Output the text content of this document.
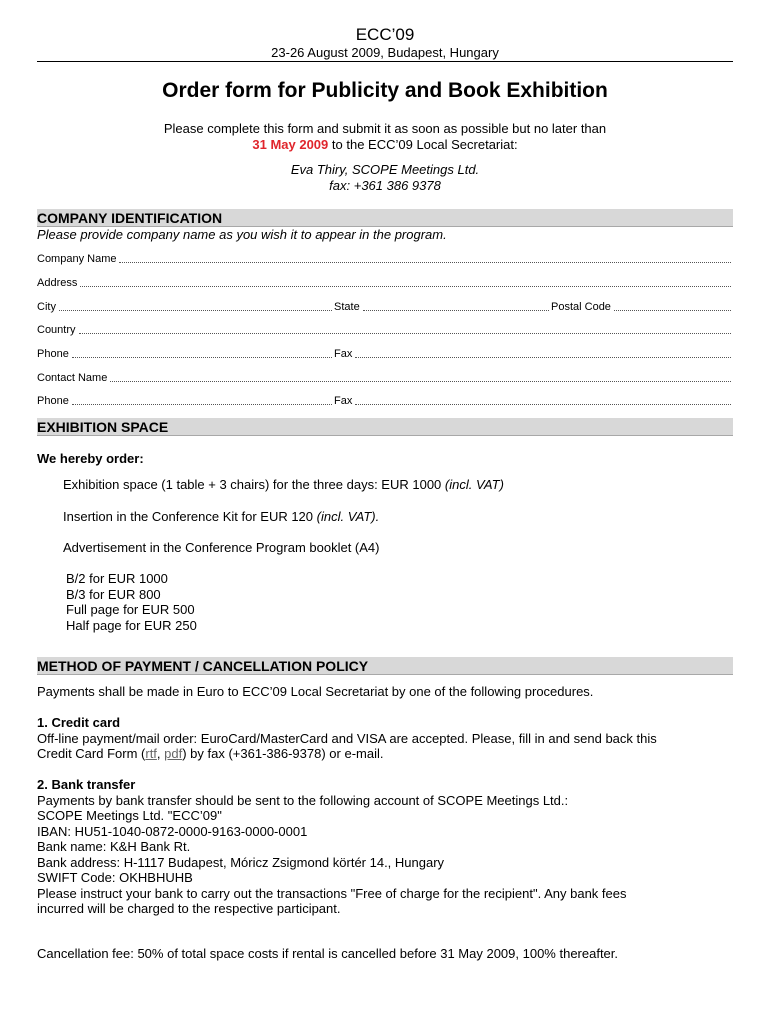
ECC’09
23-26 August 2009, Budapest, Hungary
Order form for Publicity and Book Exhibition
Please complete this form and submit it as soon as possible but no later than
31 May 2009 to the ECC’09 Local Secretariat:
Eva Thiry, SCOPE Meetings Ltd.
fax: +361 386 9378
COMPANY IDENTIFICATION
Please provide company name as you wish it to appear in the program.
Company Name
Address
City	State	Postal Code
Country
Phone	Fax
Contact Name
Phone	Fax
EXHIBITION SPACE
We hereby order:
Exhibition space (1 table + 3 chairs) for the three days: EUR 1000 (incl. VAT)
Insertion in the Conference Kit for EUR 120 (incl. VAT).
Advertisement in the Conference Program booklet (A4)
B/2 for EUR 1000
B/3 for EUR 800
Full page for EUR 500
Half page for EUR 250
METHOD OF PAYMENT / CANCELLATION POLICY
Payments shall be made in Euro to ECC’09 Local Secretariat by one of the following procedures.
1. Credit card
Off-line payment/mail order: EuroCard/MasterCard and VISA are accepted. Please, fill in and send back this
Credit Card Form (rtf, pdf) by fax (+361-386-9378) or e-mail.
2. Bank transfer
Payments by bank transfer should be sent to the following account of SCOPE Meetings Ltd.:
SCOPE Meetings Ltd. "ECC’09"
IBAN: HU51-1040-0872-0000-9163-0000-0001
Bank name: K&H Bank Rt.
Bank address: H-1117 Budapest, Móricz Zsigmond körtér 14., Hungary
SWIFT Code: OKHBHUHB
Please instruct your bank to carry out the transactions "Free of charge for the recipient". Any bank fees
incurred will be charged to the respective participant.
Cancellation fee: 50% of total space costs if rental is cancelled before 31 May 2009, 100% thereafter.
